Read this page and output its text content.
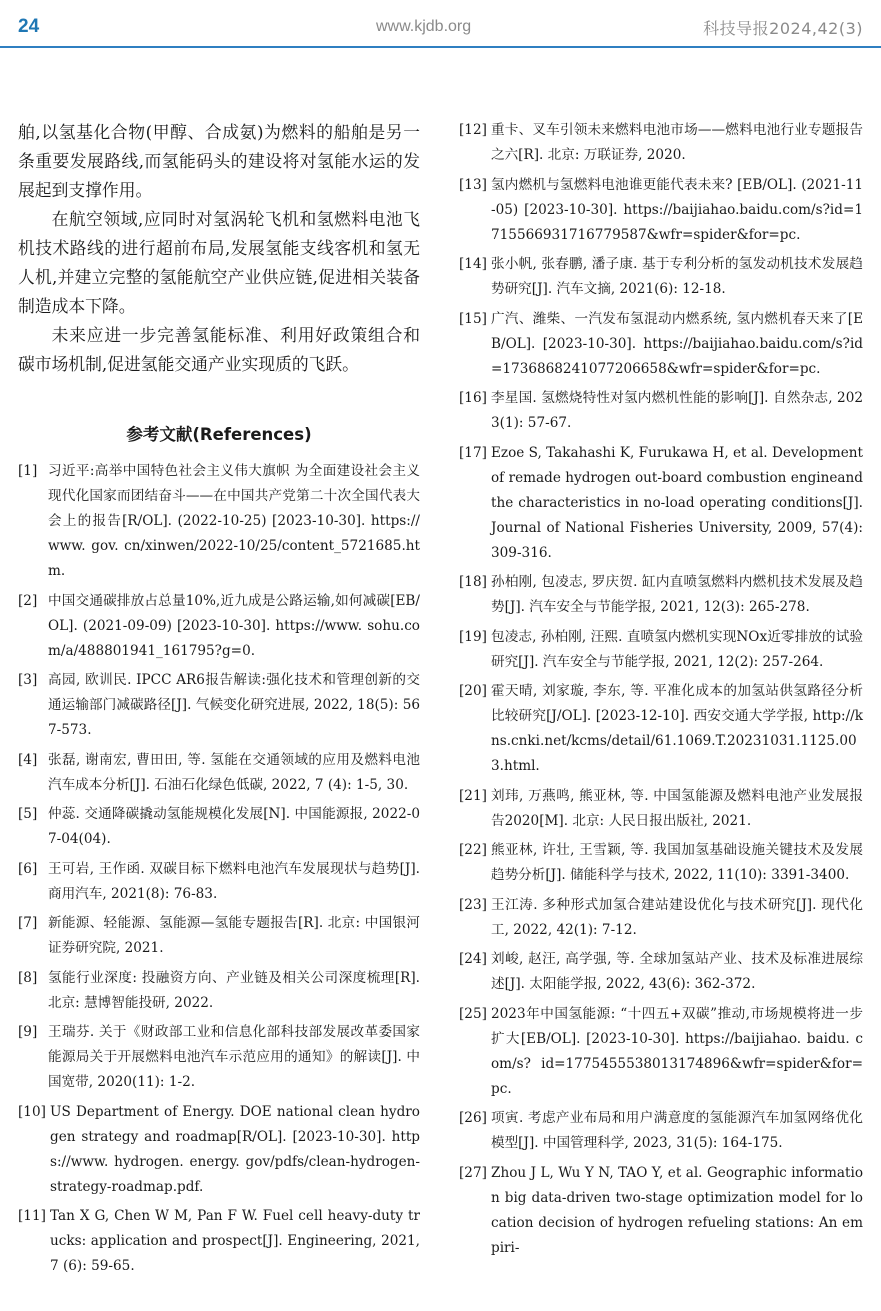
24	www.kjdb.org	科技导报2024,42(3)

舶,以氢基化合物(甲醇、合成氨)为燃料的船舶是另一条重要发展路线,而氢能码头的建设将对氢能水运的发展起到支撑作用。

在航空领域,应同时对氢涡轮飞机和氢燃料电池飞机技术路线的进行超前布局,发展氢能支线客机和氢无人机,并建立完整的氢能航空产业供应链,促进相关装备制造成本下降。

未来应进一步完善氢能标准、利用好政策组合和碳市场机制,促进氢能交通产业实现质的飞跃。

参考文献(References)
[1] 习近平:高举中国特色社会主义伟大旗帜 为全面建设社会主义现代化国家而团结奋斗——在中国共产党第二十次全国代表大会上的报告[R/OL]. (2022-10-25) [2023-10-30]. https://www. gov. cn/xinwen/2022-10/25/content_5721685.htm.
[2] 中国交通碳排放占总量10%,近九成是公路运输,如何减碳[EB/OL]. (2021-09-09) [2023-10-30]. https://www. sohu.com/a/488801941_161795?g=0.
[3] 高园, 欧训民. IPCC AR6报告解读:强化技术和管理创新的交通运输部门减碳路径[J]. 气候变化研究进展, 2022, 18(5): 567-573.
[4] 张磊, 谢南宏, 曹田田, 等. 氢能在交通领域的应用及燃料电池汽车成本分析[J]. 石油石化绿色低碳, 2022, 7 (4): 1-5, 30.
[5] 仲蕊. 交通降碳撬动氢能规模化发展[N]. 中国能源报, 2022-07-04(04).
[6] 王可岩, 王作函. 双碳目标下燃料电池汽车发展现状与趋势[J]. 商用汽车, 2021(8): 76-83.
[7] 新能源、轻能源、氢能源—氢能专题报告[R]. 北京: 中国银河证券研究院, 2021.
[8] 氢能行业深度: 投融资方向、产业链及相关公司深度梳理[R]. 北京: 慧博智能投研, 2022.
[9] 王瑞芬. 关于《财政部工业和信息化部科技部发展改革委国家能源局关于开展燃料电池汽车示范应用的通知》的解读[J]. 中国宽带, 2020(11): 1-2.
[10] US Department of Energy. DOE national clean hydrogen strategy and roadmap[R/OL]. [2023-10-30]. https://www. hydrogen. energy. gov/pdfs/clean-hydrogen-strategy-roadmap.pdf.
[11] Tan X G, Chen W M, Pan F W. Fuel cell heavy-duty trucks: application and prospect[J]. Engineering, 2021, 7 (6): 59-65.
[12] 重卡、叉车引领未来燃料电池市场——燃料电池行业专题报告之六[R]. 北京: 万联证券, 2020.
[13] 氢内燃机与氢燃料电池谁更能代表未来? [EB/OL]. (2021-11-05) [2023-10-30]. https://baijiahao.baidu.com/s?id=1715566931716779587&wfr=spider&for=pc.
[14] 张小帆, 张春鹏, 潘子康. 基于专利分析的氢发动机技术发展趋势研究[J]. 汽车文摘, 2021(6): 12-18.
[15] 广汽、潍柴、一汽发布氢混动内燃系统, 氢内燃机春天来了[EB/OL]. [2023-10-30]. https://baijiahao.baidu.com/s?id=1736868241077206658&wfr=spider&for=pc.
[16] 李星国. 氢燃烧特性对氢内燃机性能的影响[J]. 自然杂志, 2023(1): 57-67.
[17] Ezoe S, Takahashi K, Furukawa H, et al. Development of remade hydrogen out-board combustion engineand the characteristics in no-load operating conditions[J]. Journal of National Fisheries University, 2009, 57(4): 309-316.
[18] 孙柏刚, 包凌志, 罗庆贺. 缸内直喷氢燃料内燃机技术发展及趋势[J]. 汽车安全与节能学报, 2021, 12(3): 265-278.
[19] 包凌志, 孙柏刚, 汪熙. 直喷氢内燃机实现NOx近零排放的试验研究[J]. 汽车安全与节能学报, 2021, 12(2): 257-264.
[20] 霍天晴, 刘家璇, 李东, 等. 平准化成本的加氢站供氢路径分析比较研究[J/OL]. [2023-12-10]. 西安交通大学学报, http://kns.cnki.net/kcms/detail/61.1069.T.20231031.1125.003.html.
[21] 刘玮, 万燕鸣, 熊亚林, 等. 中国氢能源及燃料电池产业发展报告2020[M]. 北京: 人民日报出版社, 2021.
[22] 熊亚林, 许壮, 王雪颖, 等. 我国加氢基础设施关键技术及发展趋势分析[J]. 储能科学与技术, 2022, 11(10): 3391-3400.
[23] 王江涛. 多种形式加氢合建站建设优化与技术研究[J]. 现代化工, 2022, 42(1): 7-12.
[24] 刘峻, 赵汪, 高学强, 等. 全球加氢站产业、技术及标准进展综述[J]. 太阳能学报, 2022, 43(6): 362-372.
[25] 2023年中国氢能源: “十四五+双碳”推动,市场规模将进一步扩大[EB/OL]. [2023-10-30]. https://baijiahao. baidu. com/s? id=1775455538013174896&wfr=spider&for=pc.
[26] 项寅. 考虑产业布局和用户满意度的氢能源汽车加氢网络优化模型[J]. 中国管理科学, 2023, 31(5): 164-175.
[27] Zhou J L, Wu Y N, TAO Y, et al. Geographic information big data-driven two-stage optimization model for location decision of hydrogen refueling stations: An empiri-
